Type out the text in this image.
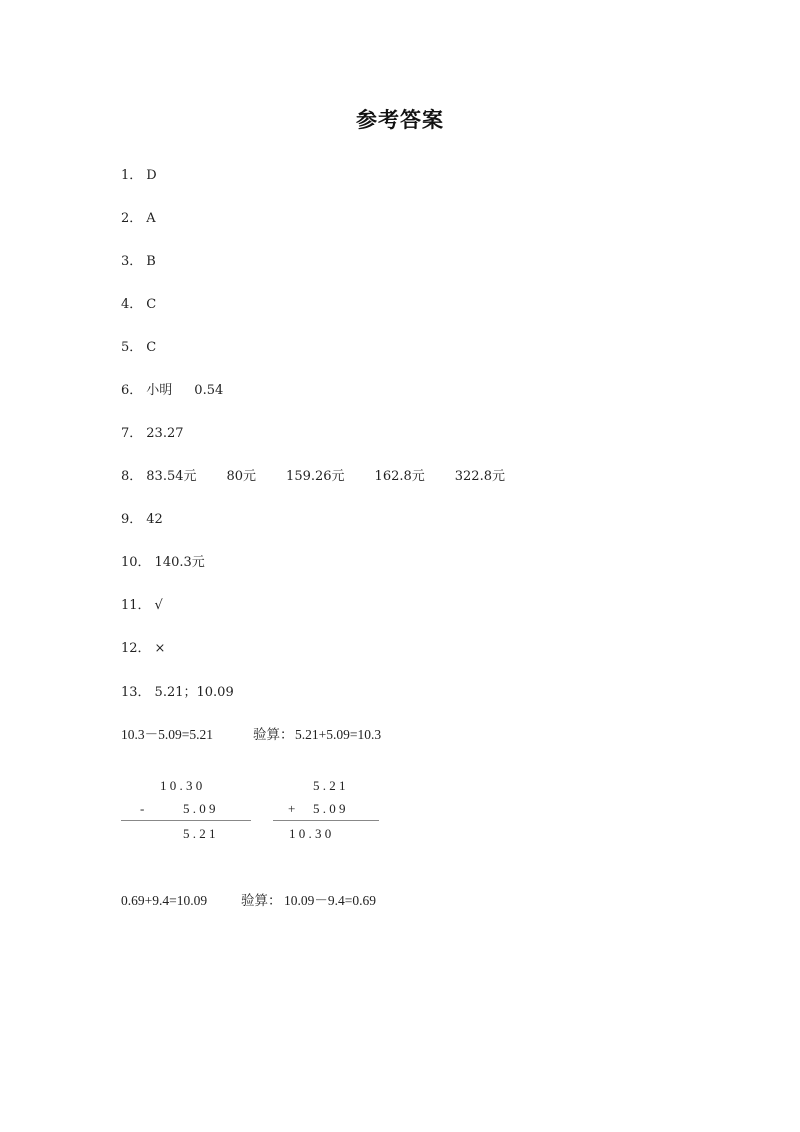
参考答案
1． D
2． A
3． B
4． C
5． C
6． 小明 0.54
7． 23.27
8． 83.54元 80元 159.26元 162.8元 322.8元
9． 42
10． 140.3元
11． √
12． ×
13． 5.21；10.09
10.3－5.09=5.21	验算： 5.21+5.09=10.3
1 0 . 3 0
-	5 . 0 9
5 . 2 1
5 . 2 1
+ 5 . 0 9
1 0 . 3 0
0.69+9.4=10.09	验算： 10.09－9.4=0.69
